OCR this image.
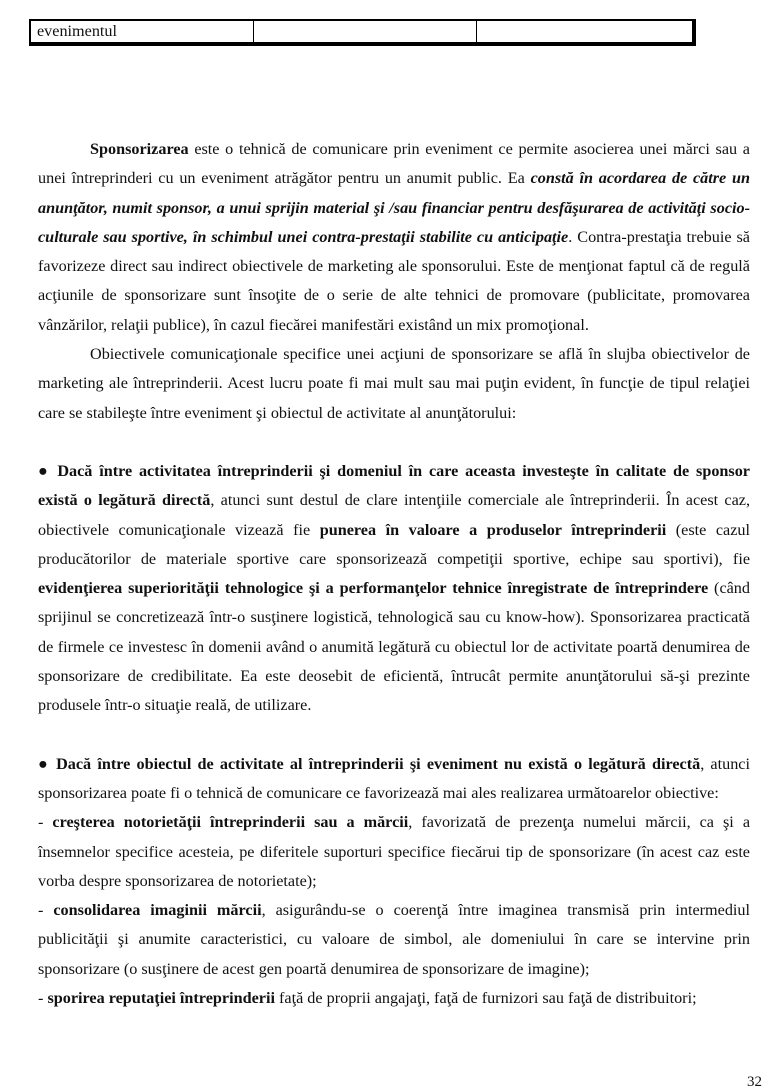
evenimentul		

Sponsorizarea este o tehnică de comunicare prin eveniment ce permite asocierea unei mărci sau a unei întreprinderi cu un eveniment atrăgător pentru un anumit public. Ea constă în acordarea de către un anunţător, numit sponsor, a unui sprijin material şi /sau financiar pentru desfăşurarea de activităţi socio-culturale sau sportive, în schimbul unei contra-prestaţii stabilite cu anticipaţie. Contra-prestaţia trebuie să favorizeze direct sau indirect obiectivele de marketing ale sponsorului. Este de menţionat faptul că de regulă acţiunile de sponsorizare sunt însoţite de o serie de alte tehnici de promovare (publicitate, promovarea vânzărilor, relaţii publice), în cazul fiecărei manifestări existând un mix promoţional.

Obiectivele comunicaţionale specifice unei acţiuni de sponsorizare se află în slujba obiectivelor de marketing ale întreprinderii. Acest lucru poate fi mai mult sau mai puţin evident, în funcţie de tipul relaţiei care se stabileşte între eveniment şi obiectul de activitate al anunţătorului:

● Dacă între activitatea întreprinderii şi domeniul în care aceasta investeşte în calitate de sponsor există o legătură directă, atunci sunt destul de clare intenţiile comerciale ale întreprinderii. În acest caz, obiectivele comunicaţionale vizează fie punerea în valoare a produselor întreprinderii (este cazul producătorilor de materiale sportive care sponsorizează competiţii sportive, echipe sau sportivi), fie evidenţierea superiorităţii tehnologice şi a performanţelor tehnice înregistrate de întreprindere (când sprijinul se concretizează într-o susţinere logistică, tehnologică sau cu know-how). Sponsorizarea practicată de firmele ce investesc în domenii având o anumită legătură cu obiectul lor de activitate poartă denumirea de sponsorizare de credibilitate. Ea este deosebit de eficientă, întrucât permite anunţătorului să-şi prezinte produsele într-o situaţie reală, de utilizare.

● Dacă între obiectul de activitate al întreprinderii şi eveniment nu există o legătură directă, atunci sponsorizarea poate fi o tehnică de comunicare ce favorizează mai ales realizarea următoarelor obiective:

- creşterea notorietăţii întreprinderii sau a mărcii, favorizată de prezenţa numelui mărcii, ca şi a însemnelor specifice acesteia, pe diferitele suporturi specifice fiecărui tip de sponsorizare (în acest caz este vorba despre sponsorizarea de notorietate);

- consolidarea imaginii mărcii, asigurându-se o coerenţă între imaginea transmisă prin intermediul publicităţii şi anumite caracteristici, cu valoare de simbol, ale domeniului în care se intervine prin sponsorizare (o susţinere de acest gen poartă denumirea de sponsorizare de imagine);

- sporirea reputaţiei întreprinderii faţă de proprii angajaţi, faţă de furnizori sau faţă de distribuitori;

32
